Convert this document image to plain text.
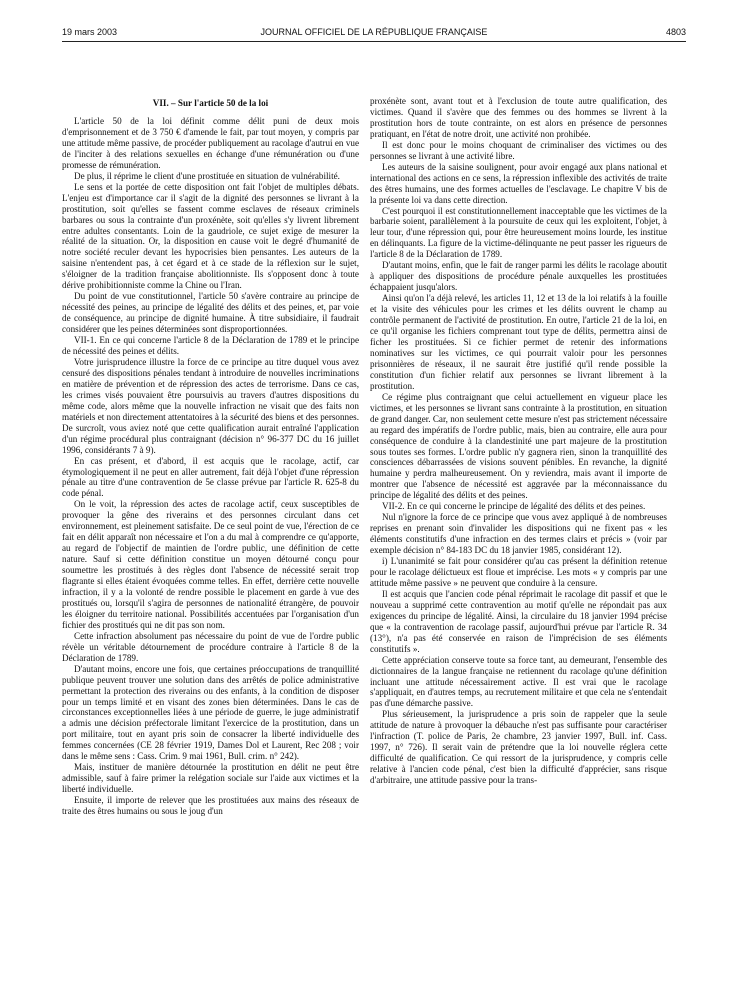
19 mars 2003	JOURNAL OFFICIEL DE LA RÉPUBLIQUE FRANÇAISE	4803
VII. – Sur l'article 50 de la loi

L'article 50 de la loi définit comme délit puni de deux mois d'emprisonnement et de 3 750 € d'amende le fait, par tout moyen, y compris par une attitude même passive, de procéder publiquement au racolage d'autrui en vue de l'inciter à des relations sexuelles en échange d'une rémunération ou d'une promesse de rémunération.

De plus, il réprime le client d'une prostituée en situation de vulnérabilité.

Le sens et la portée de cette disposition ont fait l'objet de multiples débats. L'enjeu est d'importance car il s'agit de la dignité des personnes se livrant à la prostitution, soit qu'elles se fassent comme esclaves de réseaux criminels barbares ou sous la contrainte d'un proxénète, soit qu'elles s'y livrent librement entre adultes consentants. Loin de la gaudriole, ce sujet exige de mesurer la réalité de la situation. Or, la disposition en cause voit le degré d'humanité de notre société reculer devant les hypocrisies bien pensantes. Les auteurs de la saisine n'entendent pas, à cet égard et à ce stade de la réflexion sur le sujet, s'éloigner de la tradition française abolitionniste. Ils s'opposent donc à toute dérive prohibitionniste comme la Chine ou l'Iran.

Du point de vue constitutionnel, l'article 50 s'avère contraire au principe de nécessité des peines, au principe de légalité des délits et des peines, et, par voie de conséquence, au principe de dignité humaine. À titre subsidiaire, il faudrait considérer que les peines déterminées sont disproportionnées.

VII-1. En ce qui concerne l'article 8 de la Déclaration de 1789 et le principe de nécessité des peines et délits.

Votre jurisprudence illustre la force de ce principe au titre duquel vous avez censuré des dispositions pénales tendant à introduire de nouvelles incriminations en matière de prévention et de répression des actes de terrorisme. Dans ce cas, les crimes visés pouvaient être poursuivis au travers d'autres dispositions du même code, alors même que la nouvelle infraction ne visait que des faits non matériels et non directement attentatoires à la sécurité des biens et des personnes. De surcroît, vous aviez noté que cette qualification aurait entraîné l'application d'un régime procédural plus contraignant (décision n° 96-377 DC du 16 juillet 1996, considérants 7 à 9).

En cas présent, et d'abord, il est acquis que le racolage, actif, car étymologiquement il ne peut en aller autrement, fait déjà l'objet d'une répression pénale au titre d'une contravention de 5e classe prévue par l'article R. 625-8 du code pénal.

On le voit, la répression des actes de racolage actif, ceux susceptibles de provoquer la gêne des riverains et des personnes circulant dans cet environnement, est pleinement satisfaite. De ce seul point de vue, l'érection de ce fait en délit apparaît non nécessaire et l'on a du mal à comprendre ce qu'apporte, au regard de l'objectif de maintien de l'ordre public, une définition de cette nature. Sauf si cette définition constitue un moyen détourné conçu pour soumettre les prostitués à des règles dont l'absence de nécessité serait trop flagrante si elles étaient évoquées comme telles. En effet, derrière cette nouvelle infraction, il y a la volonté de rendre possible le placement en garde à vue des prostitués ou, lorsqu'il s'agira de personnes de nationalité étrangère, de pouvoir les éloigner du territoire national. Possibilités accentuées par l'organisation d'un fichier des prostitués qui ne dit pas son nom.

Cette infraction absolument pas nécessaire du point de vue de l'ordre public révèle un véritable détournement de procédure contraire à l'article 8 de la Déclaration de 1789.

D'autant moins, encore une fois, que certaines préoccupations de tranquillité publique peuvent trouver une solution dans des arrêtés de police administrative permettant la protection des riverains ou des enfants, à la condition de disposer pour un temps limité et en visant des zones bien déterminées. Dans le cas de circonstances exceptionnelles liées à une période de guerre, le juge administratif a admis une décision préfectorale limitant l'exercice de la prostitution, dans un port militaire, tout en ayant pris soin de consacrer la liberté individuelle des femmes concernées (CE 28 février 1919, Dames Dol et Laurent, Rec 208 ; voir dans le même sens : Cass. Crim. 9 mai 1961, Bull. crim. n° 242).

Mais, instituer de manière détournée la prostitution en délit ne peut être admissible, sauf à faire primer la relégation sociale sur l'aide aux victimes et la liberté individuelle.

Ensuite, il importe de relever que les prostituées aux mains des réseaux de traite des êtres humains ou sous le joug d'un

proxénète sont, avant tout et à l'exclusion de toute autre qualification, des victimes. Quand il s'avère que des femmes ou des hommes se livrent à la prostitution hors de toute contrainte, on est alors en présence de personnes pratiquant, en l'état de notre droit, une activité non prohibée.

Il est donc pour le moins choquant de criminaliser des victimes ou des personnes se livrant à une activité libre.

Les auteurs de la saisine soulignent, pour avoir engagé aux plans national et international des actions en ce sens, la répression inflexible des activités de traite des êtres humains, une des formes actuelles de l'esclavage. Le chapitre V bis de la présente loi va dans cette direction.

C'est pourquoi il est constitutionnellement inacceptable que les victimes de la barbarie soient, parallèlement à la poursuite de ceux qui les exploitent, l'objet, à leur tour, d'une répression qui, pour être heureusement moins lourde, les institue en délinquants. La figure de la victime-délinquante ne peut passer les rigueurs de l'article 8 de la Déclaration de 1789.

D'autant moins, enfin, que le fait de ranger parmi les délits le racolage aboutit à appliquer des dispositions de procédure pénale auxquelles les prostituées échappaient jusqu'alors.

Ainsi qu'on l'a déjà relevé, les articles 11, 12 et 13 de la loi relatifs à la fouille et la visite des véhicules pour les crimes et les délits ouvrent le champ au contrôle permanent de l'activité de prostitution. En outre, l'article 21 de la loi, en ce qu'il organise les fichiers comprenant tout type de délits, permettra ainsi de ficher les prostituées. Si ce fichier permet de retenir des informations nominatives sur les victimes, ce qui pourrait valoir pour les personnes prisonnières de réseaux, il ne saurait être justifié qu'il rende possible la constitution d'un fichier relatif aux personnes se livrant librement à la prostitution.

Ce régime plus contraignant que celui actuellement en vigueur place les victimes, et les personnes se livrant sans contrainte à la prostitution, en situation de grand danger. Car, non seulement cette mesure n'est pas strictement nécessaire au regard des impératifs de l'ordre public, mais, bien au contraire, elle aura pour conséquence de conduire à la clandestinité une part majeure de la prostitution sous toutes ses formes. L'ordre public n'y gagnera rien, sinon la tranquillité des consciences débarrassées de visions souvent pénibles. En revanche, la dignité humaine y perdra malheureusement. On y reviendra, mais avant il importe de montrer que l'absence de nécessité est aggravée par la méconnaissance du principe de légalité des délits et des peines.

VII-2. En ce qui concerne le principe de légalité des délits et des peines.

Nul n'ignore la force de ce principe que vous avez appliqué à de nombreuses reprises en prenant soin d'invalider les dispositions qui ne fixent pas « les éléments constitutifs d'une infraction en des termes clairs et précis » (voir par exemple décision n° 84-183 DC du 18 janvier 1985, considérant 12).

i) L'unanimité se fait pour considérer qu'au cas présent la définition retenue pour le racolage délictueux est floue et imprécise. Les mots « y compris par une attitude même passive » ne peuvent que conduire à la censure.

Il est acquis que l'ancien code pénal réprimait le racolage dit passif et que le nouveau a supprimé cette contravention au motif qu'elle ne répondait pas aux exigences du principe de légalité. Ainsi, la circulaire du 18 janvier 1994 précise que « la contravention de racolage passif, aujourd'hui prévue par l'article R. 34 (13°), n'a pas été conservée en raison de l'imprécision de ses éléments constitutifs ».

Cette appréciation conserve toute sa force tant, au demeurant, l'ensemble des dictionnaires de la langue française ne retiennent du racolage qu'une définition incluant une attitude nécessairement active. Il est vrai que le racolage s'appliquait, en d'autres temps, au recrutement militaire et que cela ne s'entendait pas d'une démarche passive.

Plus sérieusement, la jurisprudence a pris soin de rappeler que la seule attitude de nature à provoquer la débauche n'est pas suffisante pour caractériser l'infraction (T. police de Paris, 2e chambre, 23 janvier 1997, Bull. inf. Cass. 1997, n° 726). Il serait vain de prétendre que la loi nouvelle réglera cette difficulté de qualification. Ce qui ressort de la jurisprudence, y compris celle relative à l'ancien code pénal, c'est bien la difficulté d'apprécier, sans risque d'arbitraire, une attitude passive pour la trans-
